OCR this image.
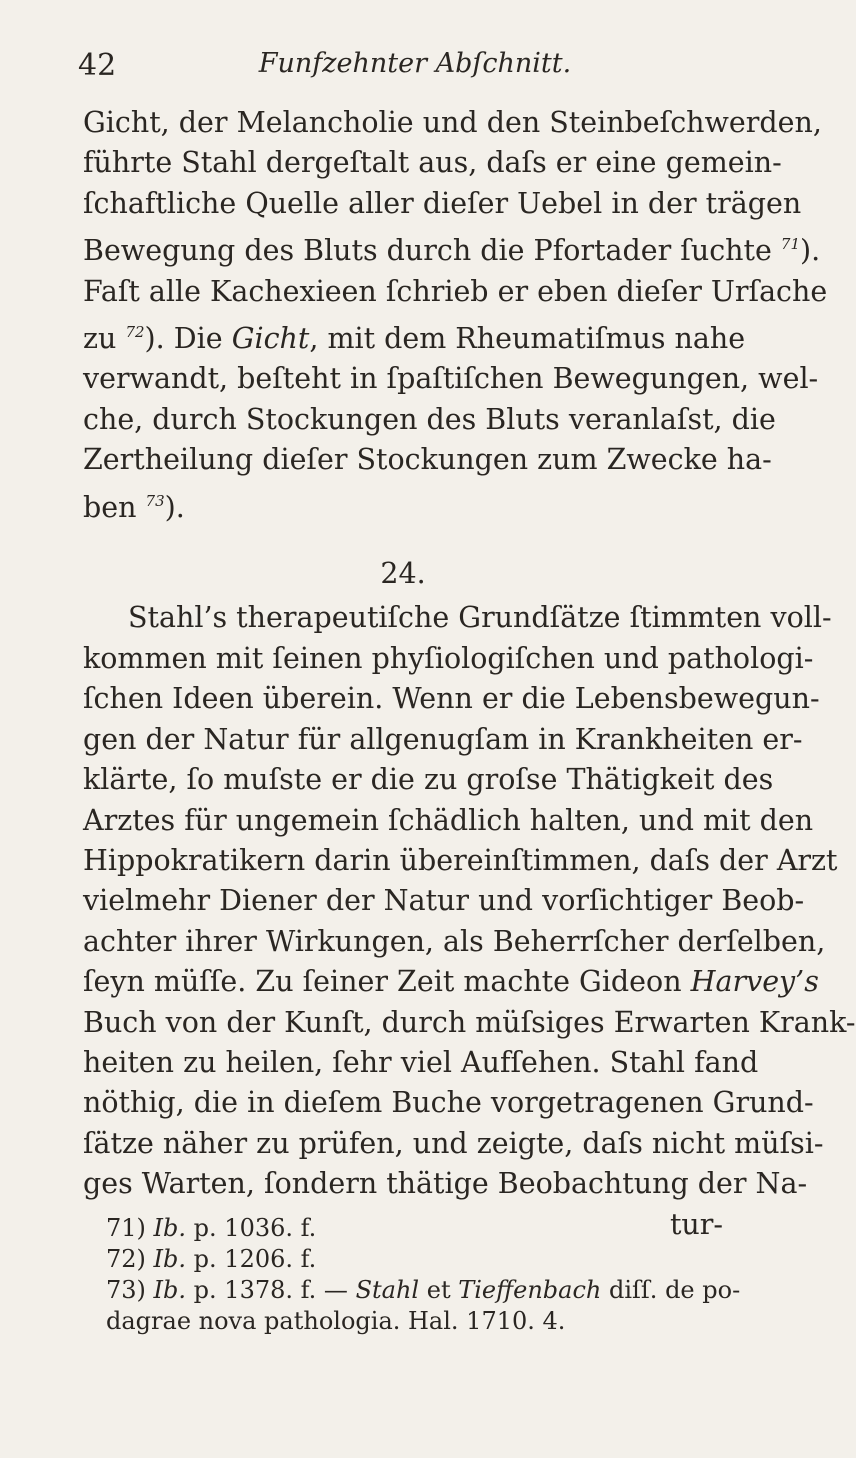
42	Funfzehnter Abſchnitt.
Gicht, der Melancholie und den Steinbeſchwerden,
führte Stahl dergeſtalt aus, daſs er eine gemein-
ſchaftliche Quelle aller dieſer Uebel in der trägen
Bewegung des Bluts durch die Pfortader ſuchte $^{71}$).
Faſt alle Kachexieen ſchrieb er eben dieſer Urſache
zu $^{72}$). Die Gicht, mit dem Rheumatiſmus nahe
verwandt, beſteht in ſpaſtiſchen Bewegungen, wel-
che, durch Stockungen des Bluts veranlaſst, die
Zertheilung dieſer Stockungen zum Zwecke ha-
ben $^{73}$).
24.
Stahl’s therapeutiſche Grundſätze ſtimmten voll-
kommen mit ſeinen phyſiologiſchen und pathologi-
ſchen Ideen überein. Wenn er die Lebensbewegun-
gen der Natur für allgenugſam in Krankheiten er-
klärte, ſo muſste er die zu groſse Thätigkeit des
Arztes für ungemein ſchädlich halten, und mit den
Hippokratikern darin übereinſtimmen, daſs der Arzt
vielmehr Diener der Natur und vorſichtiger Beob-
achter ihrer Wirkungen, als Beherrſcher derſelben,
ſeyn müſſe. Zu ſeiner Zeit machte Gideon Harvey’s
Buch von der Kunſt, durch müſsiges Erwarten Krank-
heiten zu heilen, ſehr viel Aufſehen. Stahl fand
nöthig, die in dieſem Buche vorgetragenen Grund-
ſätze näher zu prüfen, und zeigte, daſs nicht müſsi-
ges Warten, ſondern thätige Beobachtung der Na-
tur-
71) Ib. p. 1036. f.
72) Ib. p. 1206. f.
73) Ib. p. 1378. f. — Stahl et Tieffenbach diſſ. de po-
dagrae nova pathologia. Hal. 1710. 4.
